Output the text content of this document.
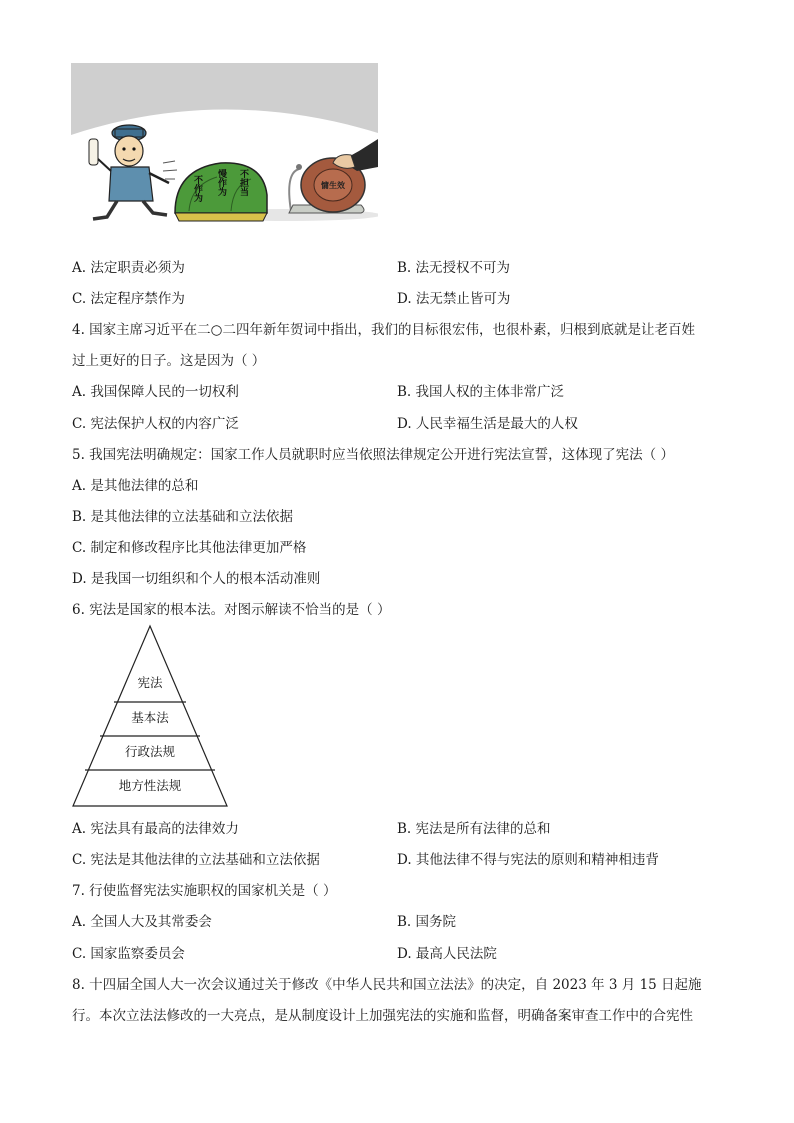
不作为 慢作为 不担当	慵生效
A. 法定职责必须为	B. 法无授权不可为
C. 法定程序禁作为	D. 法无禁止皆可为
4. 国家主席习近平在二○二四年新年贺词中指出，我们的目标很宏伟，也很朴素，归根到底就是让老百姓
过上更好的日子。这是因为（ ）
A. 我国保障人民的一切权利	B. 我国人权的主体非常广泛
C. 宪法保护人权的内容广泛	D. 人民幸福生活是最大的人权
5. 我国宪法明确规定：国家工作人员就职时应当依照法律规定公开进行宪法宣誓，这体现了宪法（ ）
A. 是其他法律的总和
B. 是其他法律的立法基础和立法依据
C. 制定和修改程序比其他法律更加严格
D. 是我国一切组织和个人的根本活动准则
6. 宪法是国家的根本法。对图示解读不恰当的是（ ）
宪法
基本法
行政法规
地方性法规
A. 宪法具有最高的法律效力	B. 宪法是所有法律的总和
C. 宪法是其他法律的立法基础和立法依据	D. 其他法律不得与宪法的原则和精神相违背
7. 行使监督宪法实施职权的国家机关是（ ）
A. 全国人大及其常委会	B. 国务院
C. 国家监察委员会	D. 最高人民法院
8. 十四届全国人大一次会议通过关于修改《中华人民共和国立法法》的决定，自 2023 年 3 月 15 日起施
行。本次立法法修改的一大亮点，是从制度设计上加强宪法的实施和监督，明确备案审查工作中的合宪性
